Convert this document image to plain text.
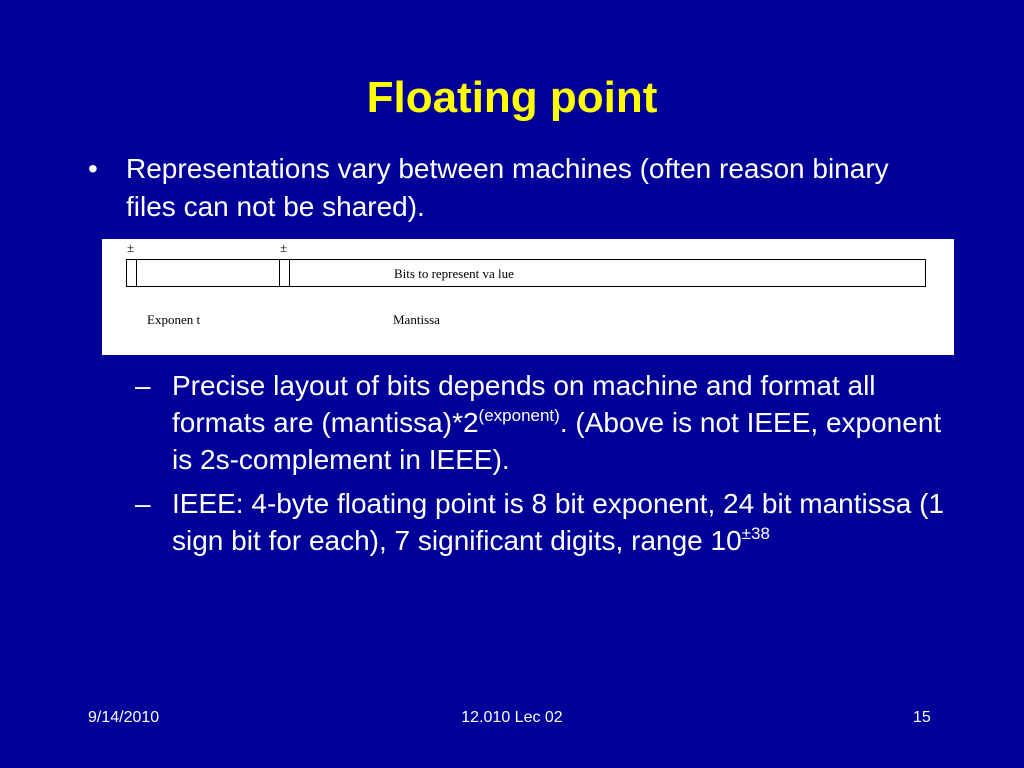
Floating point
• Representations vary between machines (often reason binary files can not be shared).
±	±
Bits to represent va lue
Exponen t	Mantissa
– Precise layout of bits depends on machine and format all formats are $(mantissa)*2^{(exponent)}$. (Above is not IEEE, exponent is 2s-complement in IEEE).
– IEEE: 4-byte floating point is 8 bit exponent, 24 bit mantissa (1 sign bit for each), 7 significant digits, range $10^{\pm 38}$
9/14/2010	12.010 Lec 02	15
